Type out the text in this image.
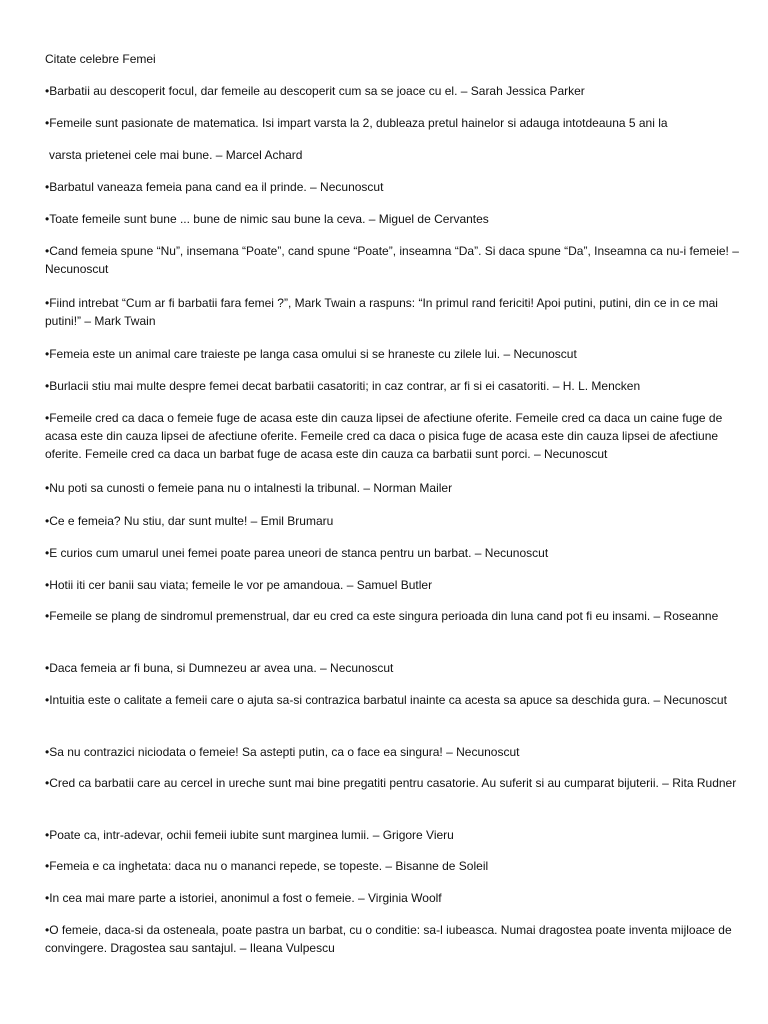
Citate celebre Femei

•Barbatii au descoperit focul, dar femeile au descoperit cum sa se joace cu el. – Sarah Jessica Parker

•Femeile sunt pasionate de matematica. Isi impart varsta la 2, dubleaza pretul hainelor si adauga intotdeauna 5 ani la

varsta prietenei cele mai bune. – Marcel Achard

•Barbatul vaneaza femeia pana cand ea il prinde. – Necunoscut

•Toate femeile sunt bune ... bune de nimic sau bune la ceva. – Miguel de Cervantes

•Cand femeia spune “Nu”, insemana “Poate”, cand spune “Poate”, inseamna “Da”. Si daca spune “Da”, Inseamna ca nu-i femeie! – Necunoscut

•Fiind intrebat “Cum ar fi barbatii fara femei ?”, Mark Twain a raspuns: “In primul rand fericiti! Apoi putini, putini, din ce in ce mai putini!” – Mark Twain

•Femeia este un animal care traieste pe langa casa omului si se hraneste cu zilele lui. – Necunoscut

•Burlacii stiu mai multe despre femei decat barbatii casatoriti; in caz contrar, ar fi si ei casatoriti. – H. L. Mencken

•Femeile cred ca daca o femeie fuge de acasa este din cauza lipsei de afectiune oferite. Femeile cred ca daca un caine fuge de acasa este din cauza lipsei de afectiune oferite. Femeile cred ca daca o pisica fuge de acasa este din cauza lipsei de afectiune oferite. Femeile cred ca daca un barbat fuge de acasa este din cauza ca barbatii sunt porci. – Necunoscut

•Nu poti sa cunosti o femeie pana nu o intalnesti la tribunal. – Norman Mailer

•Ce e femeia? Nu stiu, dar sunt multe! – Emil Brumaru

•E curios cum umarul unei femei poate parea uneori de stanca pentru un barbat. – Necunoscut

•Hotii iti cer banii sau viata; femeile le vor pe amandoua. – Samuel Butler

•Femeile se plang de sindromul premenstrual, dar eu cred ca este singura perioada din luna cand pot fi eu insami. – Roseanne

•Daca femeia ar fi buna, si Dumnezeu ar avea una. – Necunoscut

•Intuitia este o calitate a femeii care o ajuta sa-si contrazica barbatul inainte ca acesta sa apuce sa deschida gura. – Necunoscut

•Sa nu contrazici niciodata o femeie! Sa astepti putin, ca o face ea singura! – Necunoscut

•Cred ca barbatii care au cercel in ureche sunt mai bine pregatiti pentru casatorie. Au suferit si au cumparat bijuterii. – Rita Rudner

•Poate ca, intr-adevar, ochii femeii iubite sunt marginea lumii. – Grigore Vieru

•Femeia e ca inghetata: daca nu o mananci repede, se topeste. – Bisanne de Soleil

•In cea mai mare parte a istoriei, anonimul a fost o femeie. – Virginia Woolf

•O femeie, daca-si da osteneala, poate pastra un barbat, cu o conditie: sa-l iubeasca. Numai dragostea poate inventa mijloace de convingere. Dragostea sau santajul. – Ileana Vulpescu
